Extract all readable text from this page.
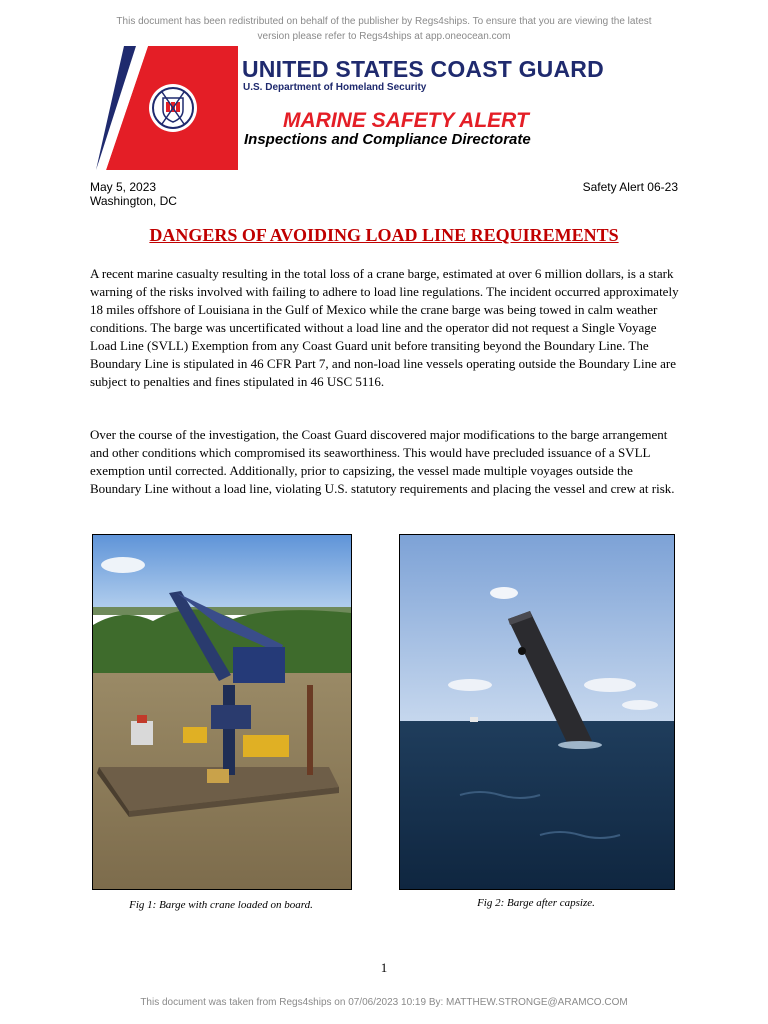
This document has been redistributed on behalf of the publisher by Regs4ships. To ensure that you are viewing the latest version please refer to Regs4ships at app.oneocean.com
UNITED STATES COAST GUARD
U.S. Department of Homeland Security
MARINE SAFETY ALERT
Inspections and Compliance Directorate
May 5, 2023
Washington, DC
Safety Alert 06-23
DANGERS OF AVOIDING LOAD LINE REQUIREMENTS
A recent marine casualty resulting in the total loss of a crane barge, estimated at over 6 million dollars, is a stark warning of the risks involved with failing to adhere to load line regulations. The incident occurred approximately 18 miles offshore of Louisiana in the Gulf of Mexico while the crane barge was being towed in calm weather conditions. The barge was uncertificated without a load line and the operator did not request a Single Voyage Load Line (SVLL) Exemption from any Coast Guard unit before transiting beyond the Boundary Line. The Boundary Line is stipulated in 46 CFR Part 7, and non-load line vessels operating outside the Boundary Line are subject to penalties and fines stipulated in 46 USC 5116.
Over the course of the investigation, the Coast Guard discovered major modifications to the barge arrangement and other conditions which compromised its seaworthiness. This would have precluded issuance of a SVLL exemption until corrected. Additionally, prior to capsizing, the vessel made multiple voyages outside the Boundary Line without a load line, violating U.S. statutory requirements and placing the vessel and crew at risk.
Fig 1: Barge with crane loaded on board.	Fig 2: Barge after capsize.
1
This document was taken from Regs4ships on 07/06/2023 10:19 By: MATTHEW.STRONGE@ARAMCO.COM
